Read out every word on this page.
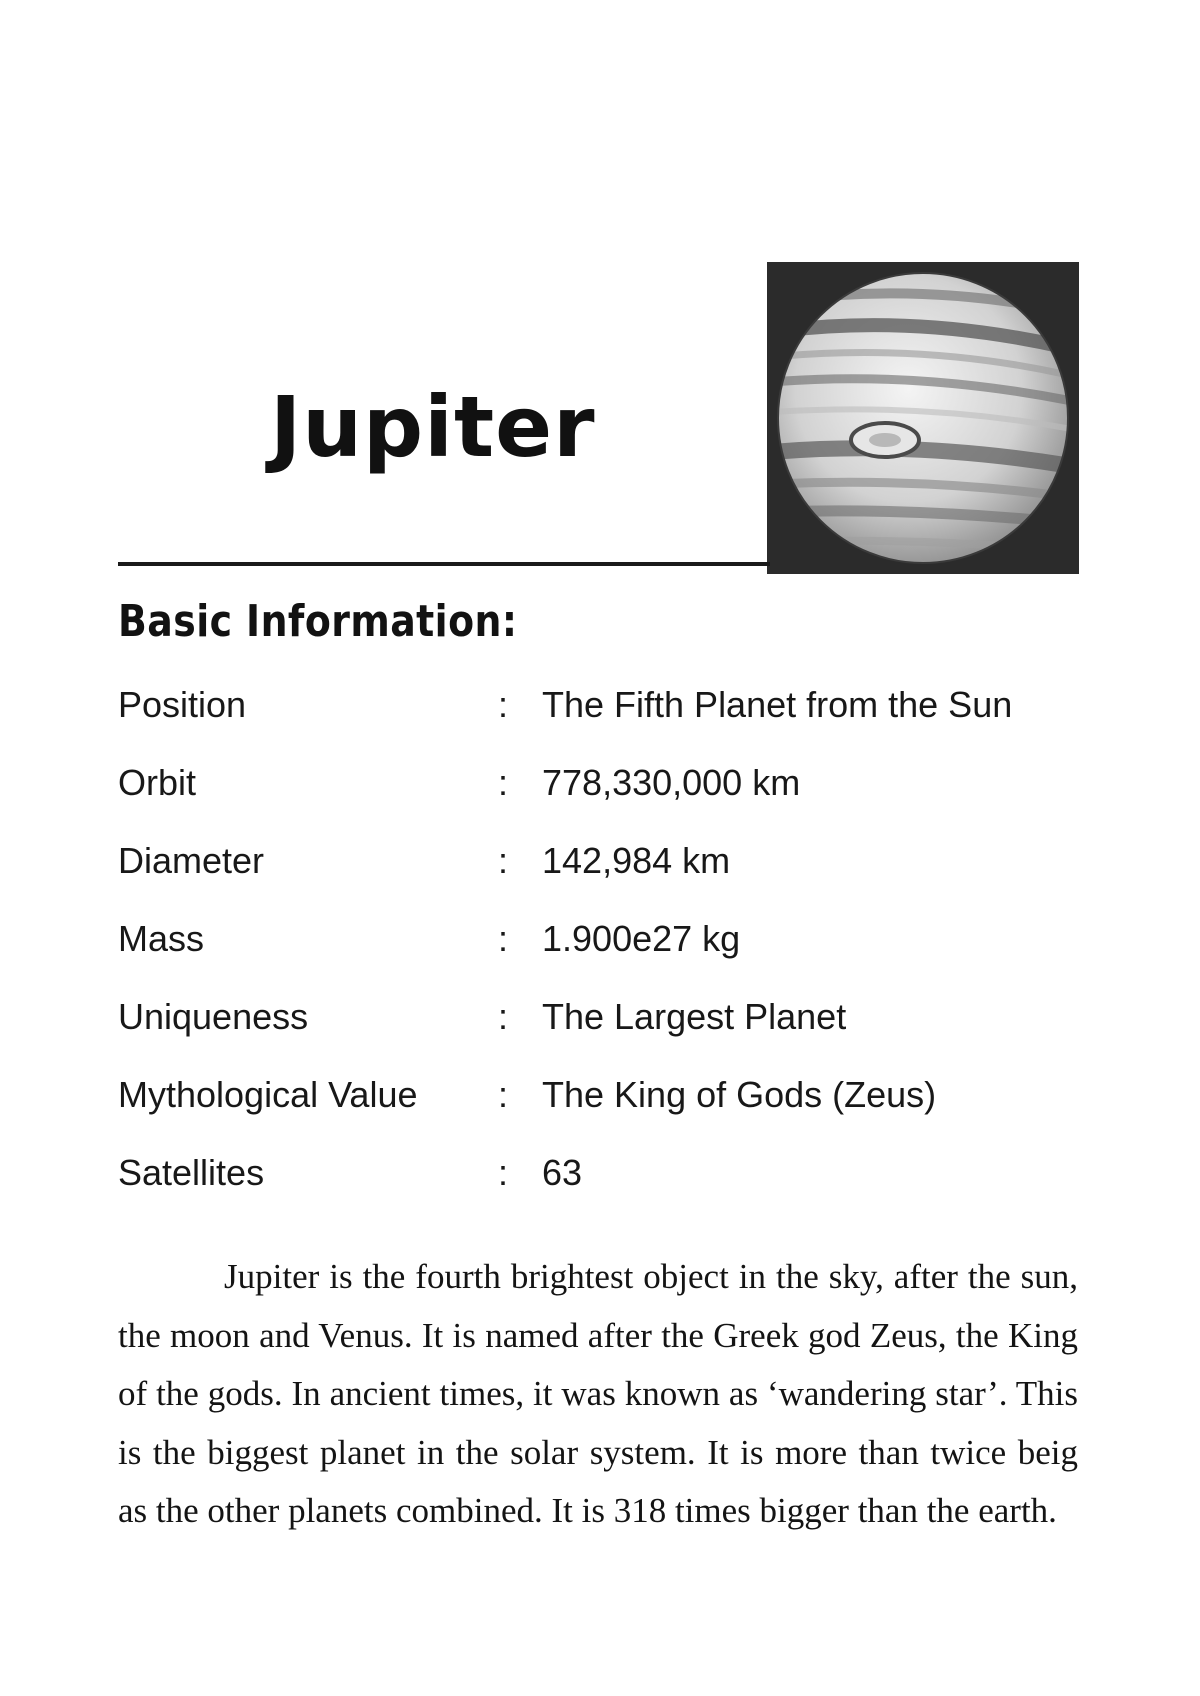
Jupiter
Basic Information:
Position	: The Fifth Planet from the Sun
Orbit	: 778,330,000 km
Diameter	: 142,984 km
Mass	: 1.900e27 kg
Uniqueness	: The Largest Planet
Mythological Value : The King of Gods (Zeus)
Satellites	: 63

Jupiter is the fourth brightest object in the sky, after the sun, the moon and Venus. It is named after the Greek god Zeus, the King of the gods. In ancient times, it was known as ‘wandering star’. This is the biggest planet in the solar system. It is more than twice beig as the other planets combined. It is 318 times bigger than the earth.
